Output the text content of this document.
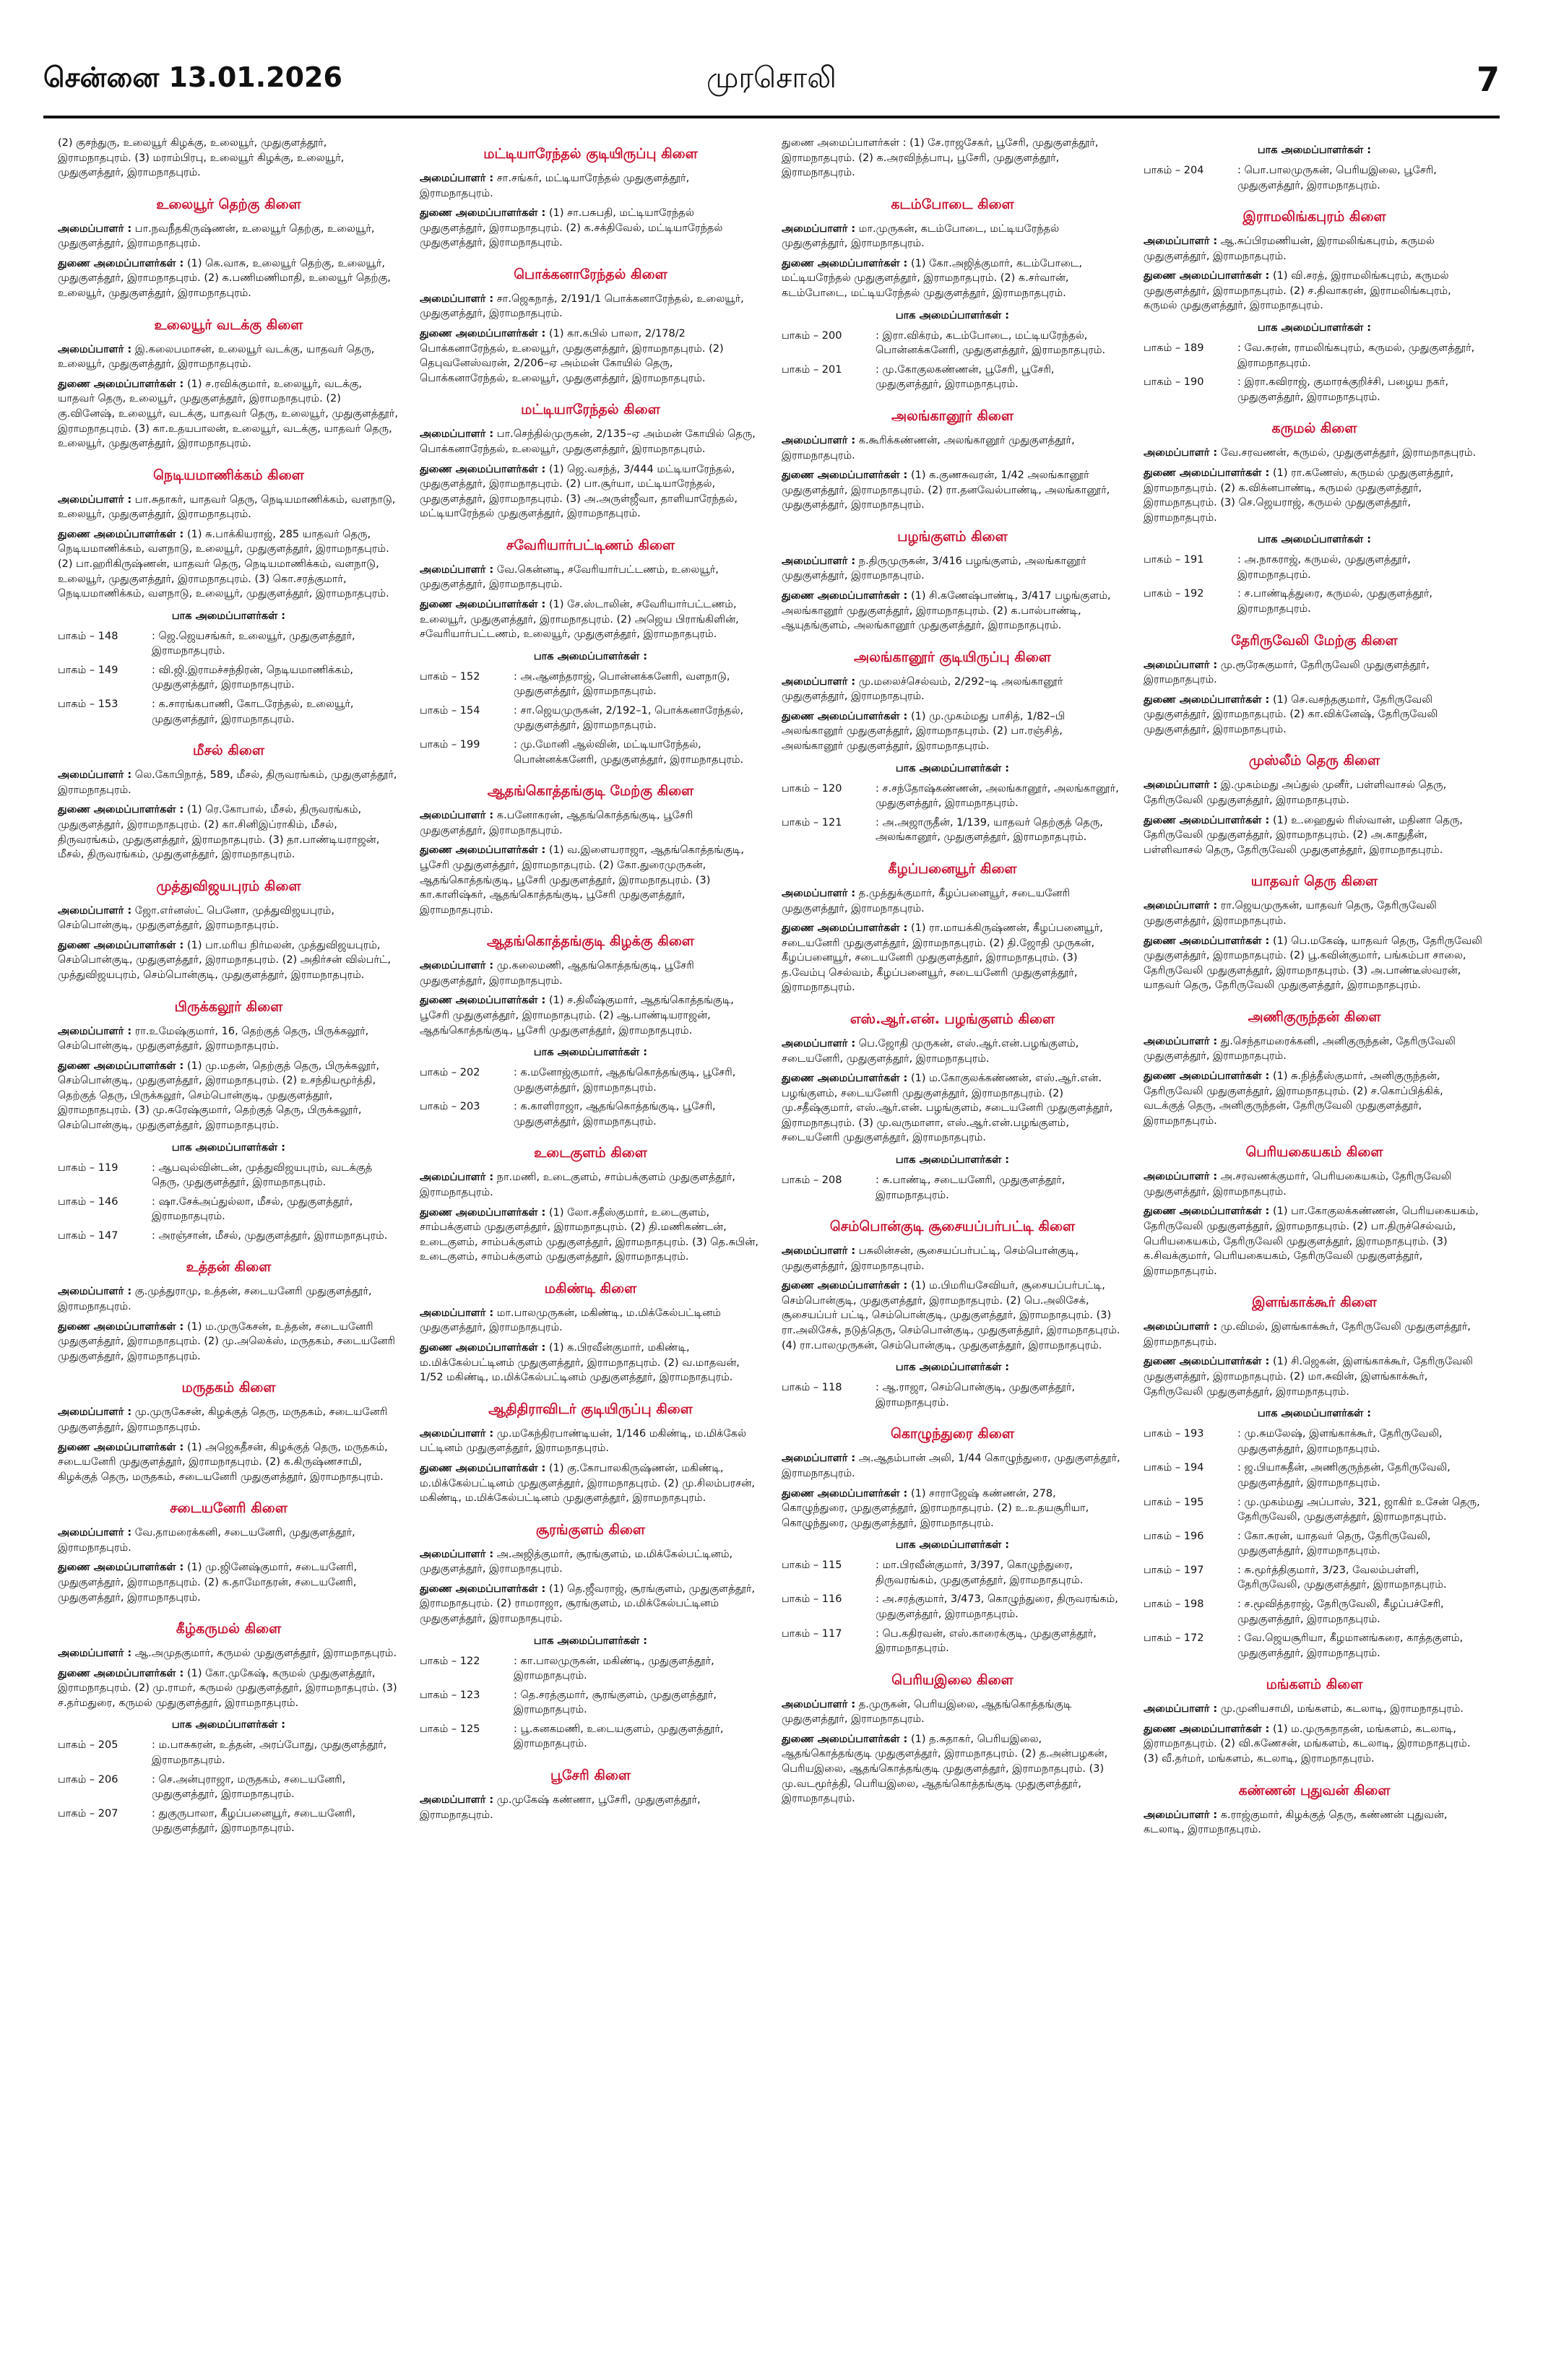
சென்னை 13.01.2026	முரசொலி	7
(2) குசந்துரு, உலையூர் கிழக்கு, உலையூர், முதுகுளத்தூர், இராமநாதபுரம். (3) மராம்பிரபு, உலையூர் கிழக்கு, உலையூர், முதுகுளத்தூர், இராமநாதபுரம்.
உலையூர் தெற்கு கிளை
அமைப்பாளர் : பா.நவநீதகிருஷ்ணன், உலையூர் தெற்கு, உலையூர், முதுகுளத்தூர், இராமநாதபுரம்.
துணை அமைப்பாளர்கள் : (1) கெ.வாசு, உலையூர் தெற்கு, உலையூர், முதுகுளத்தூர், இராமநாதபுரம். (2) க.பணிமணிமாதி, உலையூர் தெற்கு, உலையூர், முதுகுளத்தூர், இராமநாதபுரம்.
உலையூர் வடக்கு கிளை
அமைப்பாளர் : இ.கலைபமாசன், உலையூர் வடக்கு, யாதவர் தெரு, உலையூர், முதுகுளத்தூர், இராமநாதபுரம்.
துணை அமைப்பாளர்கள் : (1) ச.ரவிக்குமார், உலையூர், வடக்கு, யாதவர் தெரு, உலையூர், முதுகுளத்தூர், இராமநாதபுரம். (2) கு.வினேஷ், உலையூர், வடக்கு, யாதவர் தெரு, உலையூர், முதுகுளத்தூர், இராமநாதபுரம். (3) கா.உதயபாலன், உலையூர், வடக்கு, யாதவர் தெரு, உலையூர், முதுகுளத்தூர், இராமநாதபுரம்.
நெடியமாணிக்கம் கிளை
அமைப்பாளர் : பா.சுதாகர், யாதவர் தெரு, நெடியமாணிக்கம், வளநாடு, உலையூர், முதுகுளத்தூர், இராமநாதபுரம்.
துணை அமைப்பாளர்கள் : (1) சு.பாக்கியராஜ், 285 யாதவர் தெரு, நெடியமாணிக்கம், வளநாடு, உலையூர், முதுகுளத்தூர், இராமநாதபுரம். (2) பா.ஹரிகிருஷ்ணன், யாதவர் தெரு, நெடியமாணிக்கம், வளநாடு, உலையூர், முதுகுளத்தூர், இராமநாதபுரம். (3) கொ.சரத்குமார், நெடியமாணிக்கம், வளநாடு, உலையூர், முதுகுளத்தூர், இராமநாதபுரம்.
பாக அமைப்பாளர்கள் :
பாகம் – 148	: ஜெ.ஜெயசங்கர், உலையூர், முதுகுளத்தூர், இராமநாதபுரம்.
பாகம் – 149	: வி.ஜி.இராமச்சந்திரன், நெடியமாணிக்கம், முதுகுளத்தூர், இராமநாதபுரம்.
பாகம் – 153	: க.சாரங்கபாணி, கோடரேந்தல், உலையூர், முதுகுளத்தூர், இராமநாதபுரம்.
மீசல் கிளை
அமைப்பாளர் : லெ.கோபிநாத், 589, மீசல், திருவரங்கம், முதுகுளத்தூர், இராமநாதபுரம்.
துணை அமைப்பாளர்கள் : (1) ரெ.கோபால், மீசல், திருவரங்கம், முதுகுளத்தூர், இராமநாதபுரம். (2) கா.சினிஇப்ராகிம், மீசல், திருவரங்கம், முதுகுளத்தூர், இராமநாதபுரம். (3) தா.பாண்டியராஜன், மீசல், திருவரங்கம், முதுகுளத்தூர், இராமநாதபுரம்.
முத்துவிஜயபுரம் கிளை
அமைப்பாளர் : ஜோ.எர்னஸ்ட் பெனோ, முத்துவிஜயபுரம், செம்பொன்குடி, முதுகுளத்தூர், இராமநாதபுரம்.
துணை அமைப்பாளர்கள் : (1) பா.மரிய நிர்மலன், முத்துவிஜயபுரம், செம்பொன்குடி, முதுகுளத்தூர், இராமநாதபுரம். (2) அதிர்சன் வில்பர்ட், முத்துவிஜயபுரம், செம்பொன்குடி, முதுகுளத்தூர், இராமநாதபுரம்.
பிருக்கலூர் கிளை
அமைப்பாளர் : ரா.உமேஷ்குமார், 16, தெற்குத் தெரு, பிருக்கலூர், செம்பொன்குடி, முதுகுளத்தூர், இராமநாதபுரம்.
துணை அமைப்பாளர்கள் : (1) மு.மதன், தெற்குத் தெரு, பிருக்கலூர், செம்பொன்குடி, முதுகுளத்தூர், இராமநாதபுரம். (2) உசந்தியமூர்த்தி, தெற்குத் தெரு, பிருக்கலூர், செம்பொன்குடி, முதுகுளத்தூர், இராமநாதபுரம். (3) மு.சுரேஷ்குமார், தெற்குத் தெரு, பிருக்கலூர், செம்பொன்குடி, முதுகுளத்தூர், இராமநாதபுரம்.
பாக அமைப்பாளர்கள் :
பாகம் – 119	: ஆபவுல்வின்டன், முத்துவிஜயபுரம், வடக்குத் தெரு, முதுகுளத்தூர், இராமநாதபுரம்.
பாகம் – 146	: ஷா.சேக்அப்துல்லா, மீசல், முதுகுளத்தூர், இராமநாதபுரம்.
பாகம் – 147	: அரஞ்சான், மீசல், முதுகுளத்தூர், இராமநாதபுரம்.
உத்தன் கிளை
அமைப்பாளர் : கு.முத்துராமு, உத்தன், சடையனேரி முதுகுளத்தூர், இராமநாதபுரம்.
துணை அமைப்பாளர்கள் : (1) ம.முருகேசன், உத்தன், சடையனேரி முதுகுளத்தூர், இராமநாதபுரம். (2) மு.அலெக்ஸ், மருதகம், சடையனேரி முதுகுளத்தூர், இராமநாதபுரம்.
மருதகம் கிளை
அமைப்பாளர் : மு.முருகேசன், கிழக்குத் தெரு, மருதகம், சடையனேரி முதுகுளத்தூர், இராமநாதபுரம்.
துணை அமைப்பாளர்கள் : (1) அஜெகதீசன், கிழக்குத் தெரு, மருதகம், சடையனேரி முதுகுளத்தூர், இராமநாதபுரம். (2) க.கிருஷ்ணசாமி, கிழக்குத் தெரு, மருதகம், சடையனேரி முதுகுளத்தூர், இராமநாதபுரம்.
சடையனேரி கிளை
அமைப்பாளர் : வே.தாமரைக்கனி, சடையனேரி, முதுகுளத்தூர், இராமநாதபுரம்.
துணை அமைப்பாளர்கள் : (1) மு.ஜினேஷ்குமார், சடையனேரி, முதுகுளத்தூர், இராமநாதபுரம். (2) க.தாமோதரன், சடையனேரி, முதுகுளத்தூர், இராமநாதபுரம்.
கீழ்கருமல் கிளை
அமைப்பாளர் : ஆ.அமுதகுமார், கருமல் முதுகுளத்தூர், இராமநாதபுரம்.
துணை அமைப்பாளர்கள் : (1) கோ.முகேஷ், கருமல் முதுகுளத்தூர், இராமநாதபுரம். (2) மு.ராமர், கருமல் முதுகுளத்தூர், இராமநாதபுரம். (3) ச.தர்மதுரை, கருமல் முதுகுளத்தூர், இராமநாதபுரம்.
பாக அமைப்பாளர்கள் :
பாகம் – 205	: ம.பாசுகரன், உத்தன், அரப்போது, முதுகுளத்தூர், இராமநாதபுரம்.
பாகம் – 206	: செ.அன்புராஜா, மருதகம், சடையனேரி, முதுகுளத்தூர், இராமநாதபுரம்.
பாகம் – 207	: துகுருபாலா, கீழப்பனையூர், சடையனேரி, முதுகுளத்தூர், இராமநாதபுரம்.
மட்டியாரேந்தல் குடியிருப்பு கிளை
அமைப்பாளர் : சா.சங்கர், மட்டியாரேந்தல் முதுகுளத்தூர், இராமநாதபுரம்.
துணை அமைப்பாளர்கள் : (1) சா.பசுபதி, மட்டியாரேந்தல் முதுகுளத்தூர், இராமநாதபுரம். (2) க.சக்திவேல், மட்டியாரேந்தல் முதுகுளத்தூர், இராமநாதபுரம்.
பொக்கனாரேந்தல் கிளை
அமைப்பாளர் : சா.ஜெகநாத், 2/191/1 பொக்கனாரேந்தல், உலையூர், முதுகுளத்தூர், இராமநாதபுரம்.
துணை அமைப்பாளர்கள் : (1) கா.கபில் பாலா, 2/178/2 பொக்கனாரேந்தல், உலையூர், முதுகுளத்தூர், இராமநாதபுரம். (2) தெபுவனேஸ்வரன், 2/206–ஏ அம்மன் கோயில் தெரு, பொக்கனாரேந்தல், உலையூர், முதுகுளத்தூர், இராமநாதபுரம்.
மட்டியாரேந்தல் கிளை
அமைப்பாளர் : பா.செந்தில்முருகன், 2/135–ஏ அம்மன் கோயில் தெரு, பொக்கனாரேந்தல், உலையூர், முதுகுளத்தூர், இராமநாதபுரம்.
துணை அமைப்பாளர்கள் : (1) ஜெ.வசந்த், 3/444 மட்டியாரேந்தல், முதுகுளத்தூர், இராமநாதபுரம். (2) பா.சூர்யா, மட்டியாரேந்தல், முதுகுளத்தூர், இராமநாதபுரம். (3) அ.அருள்ஜீவா, தாளியாரேந்தல், மட்டியாரேந்தல் முதுகுளத்தூர், இராமநாதபுரம்.
சவேரியார்பட்டிணம் கிளை
அமைப்பாளர் : வே.கென்னடி, சவேரியார்பட்டணம், உலையூர், முதுகுளத்தூர், இராமநாதபுரம்.
துணை அமைப்பாளர்கள் : (1) சே.ஸ்டாலின், சவேரியார்பட்டணம், உலையூர், முதுகுளத்தூர், இராமநாதபுரம். (2) அஜெய பிராங்கிளின், சவேரியார்பட்டணம், உலையூர், முதுகுளத்தூர், இராமநாதபுரம்.
பாக அமைப்பாளர்கள் :
பாகம் – 152	: அ.ஆனந்தராஜ், பொன்னக்கனேரி, வளநாடு, முதுகுளத்தூர், இராமநாதபுரம்.
பாகம் – 154	: சா.ஜெயமுருகன், 2/192–1, பொக்கனாரேந்தல், முதுகுளத்தூர், இராமநாதபுரம்.
பாகம் – 199	: மு.மோனி ஆல்வின், மட்டியாரேந்தல், பொன்னக்கனேரி, முதுகுளத்தூர், இராமநாதபுரம்.
ஆதங்கொத்தங்குடி மேற்கு கிளை
அமைப்பாளர் : க.பனோகரன், ஆதங்கொத்தங்குடி, பூசேரி முதுகுளத்தூர், இராமநாதபுரம்.
துணை அமைப்பாளர்கள் : (1) வ.இளையராஜா, ஆதங்கொத்தங்குடி, பூசேரி முதுகுளத்தூர், இராமநாதபுரம். (2) கோ.துரைமுருகன், ஆதங்கொத்தங்குடி, பூசேரி முதுகுளத்தூர், இராமநாதபுரம். (3) கா.காளிஷ்கர், ஆதங்கொத்தங்குடி, பூசேரி முதுகுளத்தூர், இராமநாதபுரம்.
ஆதங்கொத்தங்குடி கிழக்கு கிளை
அமைப்பாளர் : மு.கலைமணி, ஆதங்கொத்தங்குடி, பூசேரி முதுகுளத்தூர், இராமநாதபுரம்.
துணை அமைப்பாளர்கள் : (1) ச.திலீஷ்குமார், ஆதங்கொத்தங்குடி, பூசேரி முதுகுளத்தூர், இராமநாதபுரம். (2) ஆ.பாண்டியராஜன், ஆதங்கொத்தங்குடி, பூசேரி முதுகுளத்தூர், இராமநாதபுரம்.
பாக அமைப்பாளர்கள் :
பாகம் – 202	: க.மனோஜ்குமார், ஆதங்கொத்தங்குடி, பூசேரி, முதுகுளத்தூர், இராமநாதபுரம்.
பாகம் – 203	: க.காளிராஜா, ஆதங்கொத்தங்குடி, பூசேரி, முதுகுளத்தூர், இராமநாதபுரம்.
உடைகுளம் கிளை
அமைப்பாளர் : நா.மணி, உடைகுளம், சாம்பக்குளம் முதுகுளத்தூர், இராமநாதபுரம்.
துணை அமைப்பாளர்கள் : (1) லோ.சதீஸ்குமார், உடைகுளம், சாம்பக்குளம் முதுகுளத்தூர், இராமநாதபுரம். (2) தி.மணிகண்டன், உடைகுளம், சாம்பக்குளம் முதுகுளத்தூர், இராமநாதபுரம். (3) தெ.சுபின், உடைகுளம், சாம்பக்குளம் முதுகுளத்தூர், இராமநாதபுரம்.
மகிண்டி கிளை
அமைப்பாளர் : மா.பாலமுருகன், மகிண்டி, ம.மிக்கேல்பட்டினம் முதுகுளத்தூர், இராமநாதபுரம்.
துணை அமைப்பாளர்கள் : (1) க.பிரவீன்குமார், மகிண்டி, ம.மிக்கேல்பட்டினம் முதுகுளத்தூர், இராமநாதபுரம். (2) வ.மாதவன், 1/52 மகிண்டி, ம.மிக்கேல்பட்டினம் முதுகுளத்தூர், இராமநாதபுரம்.
ஆதிதிராவிடர் குடியிருப்பு கிளை
அமைப்பாளர் : மு.மகேந்திரபாண்டியன், 1/146 மகிண்டி, ம.மிக்கேல் பட்டினம் முதுகுளத்தூர், இராமநாதபுரம்.
துணை அமைப்பாளர்கள் : (1) கு.கோபாலகிருஷ்ணன், மகிண்டி, ம.மிக்கேல்பட்டினம் முதுகுளத்தூர், இராமநாதபுரம். (2) மு.சிலம்பரசன், மகிண்டி, ம.மிக்கேல்பட்டினம் முதுகுளத்தூர், இராமநாதபுரம்.
சூரங்குளம் கிளை
அமைப்பாளர் : அ.அஜித்குமார், சூரங்குளம், ம.மிக்கேல்பட்டினம், முதுகுளத்தூர், இராமநாதபுரம்.
துணை அமைப்பாளர்கள் : (1) தெ.ஜீவராஜ், சூரங்குளம், முதுகுளத்தூர், இராமநாதபுரம். (2) ராமராஜா, சூரங்குளம், ம.மிக்கேல்பட்டினம் முதுகுளத்தூர், இராமநாதபுரம்.
பாக அமைப்பாளர்கள் :
பாகம் – 122	: கா.பாலமுருகன், மகிண்டி, முதுகுளத்தூர், இராமநாதபுரம்.
பாகம் – 123	: தெ.சரத்குமார், சூரங்குளம், முதுகுளத்தூர், இராமநாதபுரம்.
பாகம் – 125	: பூ.கனகமணி, உடையகுளம், முதுகுளத்தூர், இராமநாதபுரம்.
பூசேரி கிளை
அமைப்பாளர் : மு.முகேஷ் கண்ணா, பூசேரி, முதுகுளத்தூர், இராமநாதபுரம்.
துணை அமைப்பாளர்கள் : (1) சே.ராஜசேகர், பூசேரி, முதுகுளத்தூர், இராமநாதபுரம். (2) க.அரவிந்த்பாபு, பூசேரி, முதுகுளத்தூர், இராமநாதபுரம்.
கடம்போடை கிளை
அமைப்பாளர் : மா.முருகன், கடம்போடை, மட்டியரேந்தல் முதுகுளத்தூர், இராமநாதபுரம்.
துணை அமைப்பாளர்கள் : (1) கோ.அஜித்குமார், கடம்போடை, மட்டியரேந்தல் முதுகுளத்தூர், இராமநாதபுரம். (2) க.சர்வான், கடம்போடை, மட்டியரேந்தல் முதுகுளத்தூர், இராமநாதபுரம்.
பாக அமைப்பாளர்கள் :
பாகம் – 200	: இரா.விக்ரம், கடம்போடை, மட்டியரேந்தல், பொன்னக்கனேரி, முதுகுளத்தூர், இராமநாதபுரம்.
பாகம் – 201	: மு.கோகுலகண்ணன், பூசேரி, பூசேரி, முதுகுளத்தூர், இராமநாதபுரம்.
அலங்கானூர் கிளை
அமைப்பாளர் : க.கூரிக்கண்ணன், அலங்கானூர் முதுகுளத்தூர், இராமநாதபுரம்.
துணை அமைப்பாளர்கள் : (1) க.குணசுவரன், 1/42 அலங்கானூர் முதுகுளத்தூர், இராமநாதபுரம். (2) ரா.தனவேல்பாண்டி, அலங்கானூர், முதுகுளத்தூர், இராமநாதபுரம்.
பழங்குளம் கிளை
அமைப்பாளர் : ந.திருமுருகன், 3/416 பழங்குளம், அலங்கானூர் முதுகுளத்தூர், இராமநாதபுரம்.
துணை அமைப்பாளர்கள் : (1) சி.கணேஷ்பாண்டி, 3/417 பழங்குளம், அலங்கானூர் முதுகுளத்தூர், இராமநாதபுரம். (2) க.பால்பாண்டி, ஆயுதங்குளம், அலங்கானூர் முதுகுளத்தூர், இராமநாதபுரம்.
அலங்கானூர் குடியிருப்பு கிளை
அமைப்பாளர் : மு.மலைச்செல்வம், 2/292–டி அலங்கானூர் முதுகுளத்தூர், இராமநாதபுரம்.
துணை அமைப்பாளர்கள் : (1) மு.முகம்மது பாசித், 1/82–பி அலங்கானூர் முதுகுளத்தூர், இராமநாதபுரம். (2) பா.ரஞ்சித், அலங்கானூர் முதுகுளத்தூர், இராமநாதபுரம்.
பாக அமைப்பாளர்கள் :
பாகம் – 120	: ச.சந்தோஷ்கண்ணன், அலங்கானூர், அலங்கானூர், முதுகுளத்தூர், இராமநாதபுரம்.
பாகம் – 121	: அ.அஜாருதீன், 1/139, யாதவர் தெற்குத் தெரு, அலங்கானூர், முதுகுளத்தூர், இராமநாதபுரம்.
கீழப்பனையூர் கிளை
அமைப்பாளர் : த.முத்துக்குமார், கீழப்பனையூர், சடையனேரி முதுகுளத்தூர், இராமநாதபுரம்.
துணை அமைப்பாளர்கள் : (1) ரா.மாயக்கிருஷ்ணன், கீழப்பனையூர், சடையனேரி முதுகுளத்தூர், இராமநாதபுரம். (2) தி.ஜோதி முருகன், கீழப்பனையூர், சடையனேரி முதுகுளத்தூர், இராமநாதபுரம். (3) த.வேம்பு செல்வம், கீழப்பனையூர், சடையனேரி முதுகுளத்தூர், இராமநாதபுரம்.
எஸ்.ஆர்.என். பழங்குளம் கிளை
அமைப்பாளர் : பெ.ஜோதி முருகன், எஸ்.ஆர்.என்.பழங்குளம், சடையனேரி, முதுகுளத்தூர், இராமநாதபுரம்.
துணை அமைப்பாளர்கள் : (1) ம.கோகுலக்கண்ணன், எஸ்.ஆர்.என். பழங்குளம், சடையனேரி முதுகுளத்தூர், இராமநாதபுரம். (2) மு.சதீஷ்குமார், எஸ்.ஆர்.என். பழங்குளம், சடையனேரி முதுகுளத்தூர், இராமநாதபுரம். (3) மு.வருமாளா, எஸ்.ஆர்.என்.பழங்குளம், சடையனேரி முதுகுளத்தூர், இராமநாதபுரம்.
பாக அமைப்பாளர்கள் :
பாகம் – 208	: சு.பாண்டி, சடையனேரி, முதுகுளத்தூர், இராமநாதபுரம்.
செம்பொன்குடி சூசையப்பர்பட்டி கிளை
அமைப்பாளர் : பசுலின்சன், சூசையப்பர்பட்டி, செம்பொன்குடி, முதுகுளத்தூர், இராமநாதபுரம்.
துணை அமைப்பாளர்கள் : (1) ம.பிமரியசேவியர், சூசையப்பர்பட்டி, செம்பொன்குடி, முதுகுளத்தூர், இராமநாதபுரம். (2) பெ.அலிசேக், சூசையப்பர் பட்டி, செம்பொன்குடி, முதுகுளத்தூர், இராமநாதபுரம். (3) ரா.அலிசேக், நடுத்தெரு, செம்பொன்குடி, முதுகுளத்தூர், இராமநாதபுரம். (4) ரா.பாலமுருகன், செம்பொன்குடி, முதுகுளத்தூர், இராமநாதபுரம்.
பாக அமைப்பாளர்கள் :
பாகம் – 118	: ஆ.ராஜா, செம்பொன்குடி, முதுகுளத்தூர், இராமநாதபுரம்.
கொழுந்துரை கிளை
அமைப்பாளர் : அ.ஆதம்பான் அலி, 1/44 கொழுந்துரை, முதுகுளத்தூர், இராமநாதபுரம்.
துணை அமைப்பாளர்கள் : (1) சாராஜேஷ் கண்ணன், 278, கொழுந்துரை, முதுகுளத்தூர், இராமநாதபுரம். (2) உ.உதயசூரியா, கொழுந்துரை, முதுகுளத்தூர், இராமநாதபுரம்.
பாக அமைப்பாளர்கள் :
பாகம் – 115	: மா.பிரவீன்குமார், 3/397, கொழுந்துரை, திருவரங்கம், முதுகுளத்தூர், இராமநாதபுரம்.
பாகம் – 116	: அ.சரத்குமார், 3/473, கொழுந்துரை, திருவரங்கம், முதுகுளத்தூர், இராமநாதபுரம்.
பாகம் – 117	: பெ.கதிரவன், எஸ்.காரைக்குடி, முதுகுளத்தூர், இராமநாதபுரம்.
பெரியஇலை கிளை
அமைப்பாளர் : த.முருகன், பெரியஇலை, ஆதங்கொத்தங்குடி முதுகுளத்தூர், இராமநாதபுரம்.
துணை அமைப்பாளர்கள் : (1) த.சுதாகர், பெரியஇலை, ஆதங்கொத்தங்குடி முதுகுளத்தூர், இராமநாதபுரம். (2) த.அன்பழகன், பெரியஇலை, ஆதங்கொத்தங்குடி முதுகுளத்தூர், இராமநாதபுரம். (3) மு.வடமூர்த்தி, பெரியஇலை, ஆதங்கொத்தங்குடி முதுகுளத்தூர், இராமநாதபுரம்.
பாக அமைப்பாளர்கள் :
பாகம் – 204	: பொ.பாலமுருகன், பெரியஇலை, பூசேரி, முதுகுளத்தூர், இராமநாதபுரம்.
இராமலிங்கபுரம் கிளை
அமைப்பாளர் : ஆ.சுப்பிரமணியன், இராமலிங்கபுரம், கருமல் முதுகுளத்தூர், இராமநாதபுரம்.
துணை அமைப்பாளர்கள் : (1) வி.சரத், இராமலிங்கபுரம், கருமல் முதுகுளத்தூர், இராமநாதபுரம். (2) ச.திவாகரன், இராமலிங்கபுரம், கருமல் முதுகுளத்தூர், இராமநாதபுரம்.
பாக அமைப்பாளர்கள் :
பாகம் – 189	: வே.சுரன், ராமலிங்கபுரம், கருமல், முதுகுளத்தூர், இராமநாதபுரம்.
பாகம் – 190	: இரா.கவிராஜ், குமாரக்குறிச்சி, பழைய நகர், முதுகுளத்தூர், இராமநாதபுரம்.
கருமல் கிளை
அமைப்பாளர் : வே.சரவணன், கருமல், முதுகுளத்தூர், இராமநாதபுரம்.
துணை அமைப்பாளர்கள் : (1) ரா.கணேஸ், கருமல் முதுகுளத்தூர், இராமநாதபுரம். (2) க.விக்னபாண்டி, கருமல் முதுகுளத்தூர், இராமநாதபுரம். (3) செ.ஜெயராஜ், கருமல் முதுகுளத்தூர், இராமநாதபுரம்.
பாக அமைப்பாளர்கள் :
பாகம் – 191	: அ.நாகராஜ், கருமல், முதுகுளத்தூர், இராமநாதபுரம்.
பாகம் – 192	: ச.பாண்டித்துரை, கருமல், முதுகுளத்தூர், இராமநாதபுரம்.
தேரிருவேலி மேற்கு கிளை
அமைப்பாளர் : மு.ரூரேசுகுமார், தேரிருவேலி முதுகுளத்தூர், இராமநாதபுரம்.
துணை அமைப்பாளர்கள் : (1) செ.வசந்தகுமார், தேரிருவேலி முதுகுளத்தூர், இராமநாதபுரம். (2) கா.விக்னேஷ், தேரிருவேலி முதுகுளத்தூர், இராமநாதபுரம்.
முஸ்லீம் தெரு கிளை
அமைப்பாளர் : இ.முகம்மது அப்துல் முனீர், பள்ளிவாசல் தெரு, தேரிருவேலி முதுகுளத்தூர், இராமநாதபுரம்.
துணை அமைப்பாளர்கள் : (1) உ.ஹைதுல் ரிஸ்வான், மதினா தெரு, தேரிருவேலி முதுகுளத்தூர், இராமநாதபுரம். (2) அ.காதுதீன், பள்ளிவாசல் தெரு, தேரிருவேலி முதுகுளத்தூர், இராமநாதபுரம்.
யாதவர் தெரு கிளை
அமைப்பாளர் : ரா.ஜெயமுருகன், யாதவர் தெரு, தேரிருவேலி முதுகுளத்தூர், இராமநாதபுரம்.
துணை அமைப்பாளர்கள் : (1) பெ.மகேஷ், யாதவர் தெரு, தேரிருவேலி முதுகுளத்தூர், இராமநாதபுரம். (2) பூ.கவின்குமார், பங்கம்பா சாலை, தேரிருவேலி முதுகுளத்தூர், இராமநாதபுரம். (3) அ.பாண்டீஸ்வரன், யாதவர் தெரு, தேரிருவேலி முதுகுளத்தூர், இராமநாதபுரம்.
அணிகுருந்தன் கிளை
அமைப்பாளர் : து.செந்தாமரைக்கனி, அனிகுருந்தன், தேரிருவேலி முதுகுளத்தூர், இராமநாதபுரம்.
துணை அமைப்பாளர்கள் : (1) சு.நித்தீஸ்குமார், அனிகுருந்தன், தேரிருவேலி முதுகுளத்தூர், இராமநாதபுரம். (2) ச.கொப்பித்கிக், வடக்குத் தெரு, அனிகுருந்தன், தேரிருவேலி முதுகுளத்தூர், இராமநாதபுரம்.
பெரியகையகம் கிளை
அமைப்பாளர் : அ.சரவணக்குமார், பெரியகையகம், தேரிருவேலி முதுகுளத்தூர், இராமநாதபுரம்.
துணை அமைப்பாளர்கள் : (1) பா.கோகுலக்கண்ணன், பெரியகையகம், தேரிருவேலி முதுகுளத்தூர், இராமநாதபுரம். (2) பா.திருச்செல்வம், பெரியகையகம், தேரிருவேலி முதுகுளத்தூர், இராமநாதபுரம். (3) க.சிவக்குமார், பெரியகையகம், தேரிருவேலி முதுகுளத்தூர், இராமநாதபுரம்.
இளங்காக்கூர் கிளை
அமைப்பாளர் : மு.விமல், இளங்காக்கூர், தேரிருவேலி முதுகுளத்தூர், இராமநாதபுரம்.
துணை அமைப்பாளர்கள் : (1) சி.ஜெகன், இளங்காக்கூர், தேரிருவேலி முதுகுளத்தூர், இராமநாதபுரம். (2) மா.சுவின், இளங்காக்கூர், தேரிருவேலி முதுகுளத்தூர், இராமநாதபுரம்.
பாக அமைப்பாளர்கள் :
பாகம் – 193	: மு.சுமலேஷ், இளங்காக்கூர், தேரிருவேலி, முதுகுளத்தூர், இராமநாதபுரம்.
பாகம் – 194	: ஜ.பியாசுதீன், அணிகுருந்தன், தேரிருவேலி, முதுகுளத்தூர், இராமநாதபுரம்.
பாகம் – 195	: மு.முகம்மது அப்பாஸ், 321, ஜாகிர் உசேன் தெரு, தேரிருவேலி, முதுகுளத்தூர், இராமநாதபுரம்.
பாகம் – 196	: கோ.சுரன், யாதவர் தெரு, தேரிருவேலி, முதுகுளத்தூர், இராமநாதபுரம்.
பாகம் – 197	: சு.மூர்த்திகுமார், 3/23, வேலம்பள்ளி, தேரிருவேலி, முதுகுளத்தூர், இராமநாதபுரம்.
பாகம் – 198	: ச.மூவித்தராஜ், தேரிருவேலி, கீழப்பச்சேரி, முதுகுளத்தூர், இராமநாதபுரம்.
பாகம் – 172	: வே.ஜெயசூரியா, கீழமானங்கரை, காத்தகுளம், முதுகுளத்தூர், இராமநாதபுரம்.
மங்களம் கிளை
அமைப்பாளர் : மு.முனியசாமி, மங்களம், கடலாடி, இராமநாதபுரம்.
துணை அமைப்பாளர்கள் : (1) ம.முருகநாதன், மங்களம், கடலாடி, இராமநாதபுரம். (2) வி.கணேசன், மங்களம், கடலாடி, இராமநாதபுரம். (3) வீ.தர்மர், மங்களம், கடலாடி, இராமநாதபுரம்.
கண்ணன் புதுவன் கிளை
அமைப்பாளர் : க.ராஜ்குமார், கிழக்குத் தெரு, கண்ணன் புதுவன், கடலாடி, இராமநாதபுரம்.
